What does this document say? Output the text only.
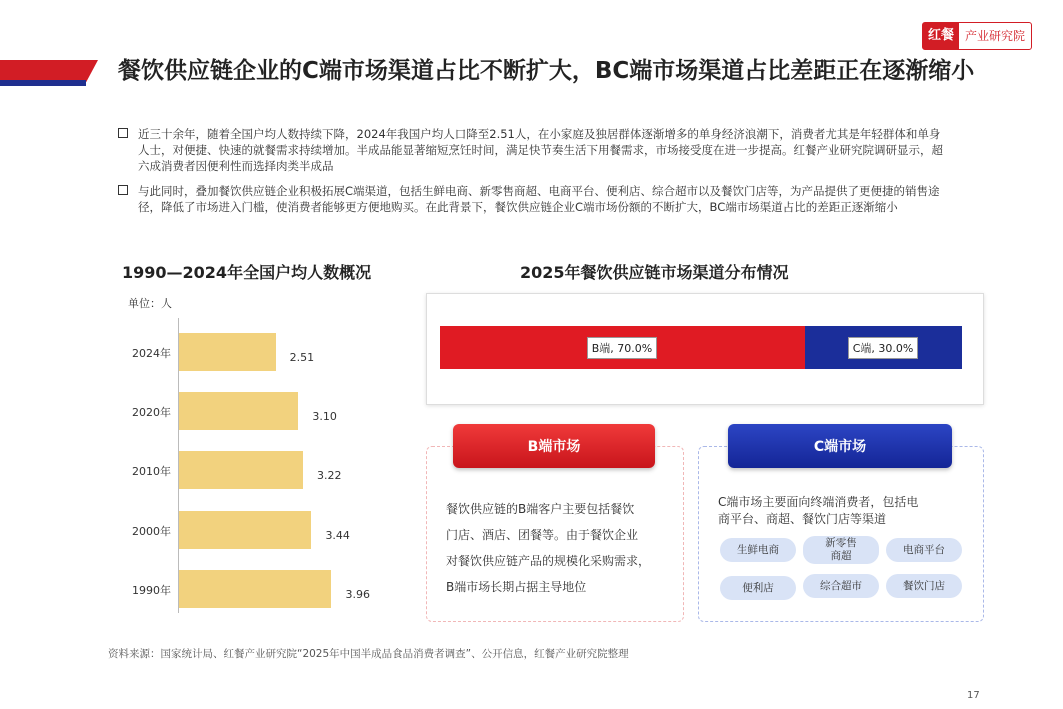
红餐 产业研究院
餐饮供应链企业的C端市场渠道占比不断扩大，BC端市场渠道占比差距正在逐渐缩小
近三十余年，随着全国户均人数持续下降，2024年我国户均人口降至2.51人，在小家庭及独居群体逐渐增多的单身经济浪潮下，消费者尤其是年轻群体和单身人士，对便捷、快速的就餐需求持续增加。半成品能显著缩短烹饪时间，满足快节奏生活下用餐需求，市场接受度在进一步提高。红餐产业研究院调研显示，超六成消费者因便利性而选择肉类半成品
与此同时，叠加餐饮供应链企业积极拓展C端渠道，包括生鲜电商、新零售商超、电商平台、便利店、综合超市以及餐饮门店等，为产品提供了更便捷的销售途径，降低了市场进入门槛，使消费者能够更方便地购买。在此背景下，餐饮供应链企业C端市场份额的不断扩大，BC端市场渠道占比的差距正逐渐缩小
1990—2024年全国户均人数概况
单位：人
2024年	2.51
2020年	3.10
2010年	3.22
2000年	3.44
1990年	3.96
2025年餐饮供应链市场渠道分布情况
B端, 70.0%	C端, 30.0%
B端市场
餐饮供应链的B端客户主要包括餐饮
门店、酒店、团餐等。由于餐饮企业
对餐饮供应链产品的规模化采购需求，
B端市场长期占据主导地位
C端市场
C端市场主要面向终端消费者，包括电
商平台、商超、餐饮门店等渠道
生鲜电商
新零售
商超
电商平台
便利店	综合超市	餐饮门店
资料来源：国家统计局、红餐产业研究院“2025年中国半成品食品消费者调查”、公开信息，红餐产业研究院整理
17
